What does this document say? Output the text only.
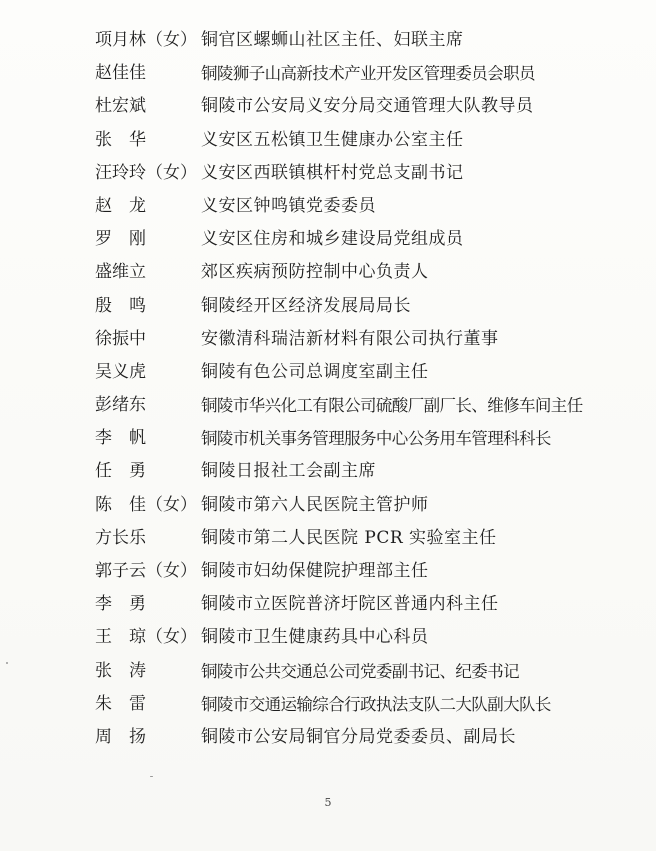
项月林（女） 铜官区螺蛳山社区主任、妇联主席
赵佳佳	铜陵狮子山高新技术产业开发区管理委员会职员
杜宏斌	铜陵市公安局义安分局交通管理大队教导员
张　华	义安区五松镇卫生健康办公室主任
汪玲玲（女） 义安区西联镇棋杆村党总支副书记
赵　龙	义安区钟鸣镇党委委员
罗　刚	义安区住房和城乡建设局党组成员
盛维立	郊区疾病预防控制中心负责人
殷　鸣	铜陵经开区经济发展局局长
徐振中	安徽清科瑞洁新材料有限公司执行董事
吴义虎	铜陵有色公司总调度室副主任
彭绪东	铜陵市华兴化工有限公司硫酸厂副厂长、维修车间主任
李　帆	铜陵市机关事务管理服务中心公务用车管理科科长
任　勇	铜陵日报社工会副主席
陈　佳（女） 铜陵市第六人民医院主管护师
方长乐	铜陵市第二人民医院 PCR 实验室主任
郭子云（女） 铜陵市妇幼保健院护理部主任
李　勇	铜陵市立医院普济圩院区普通内科主任
王　琼（女） 铜陵市卫生健康药具中心科员
张　涛	铜陵市公共交通总公司党委副书记、纪委书记
朱　雷	铜陵市交通运输综合行政执法支队二大队副大队长
周　扬	铜陵市公安局铜官分局党委委员、副局长
5
